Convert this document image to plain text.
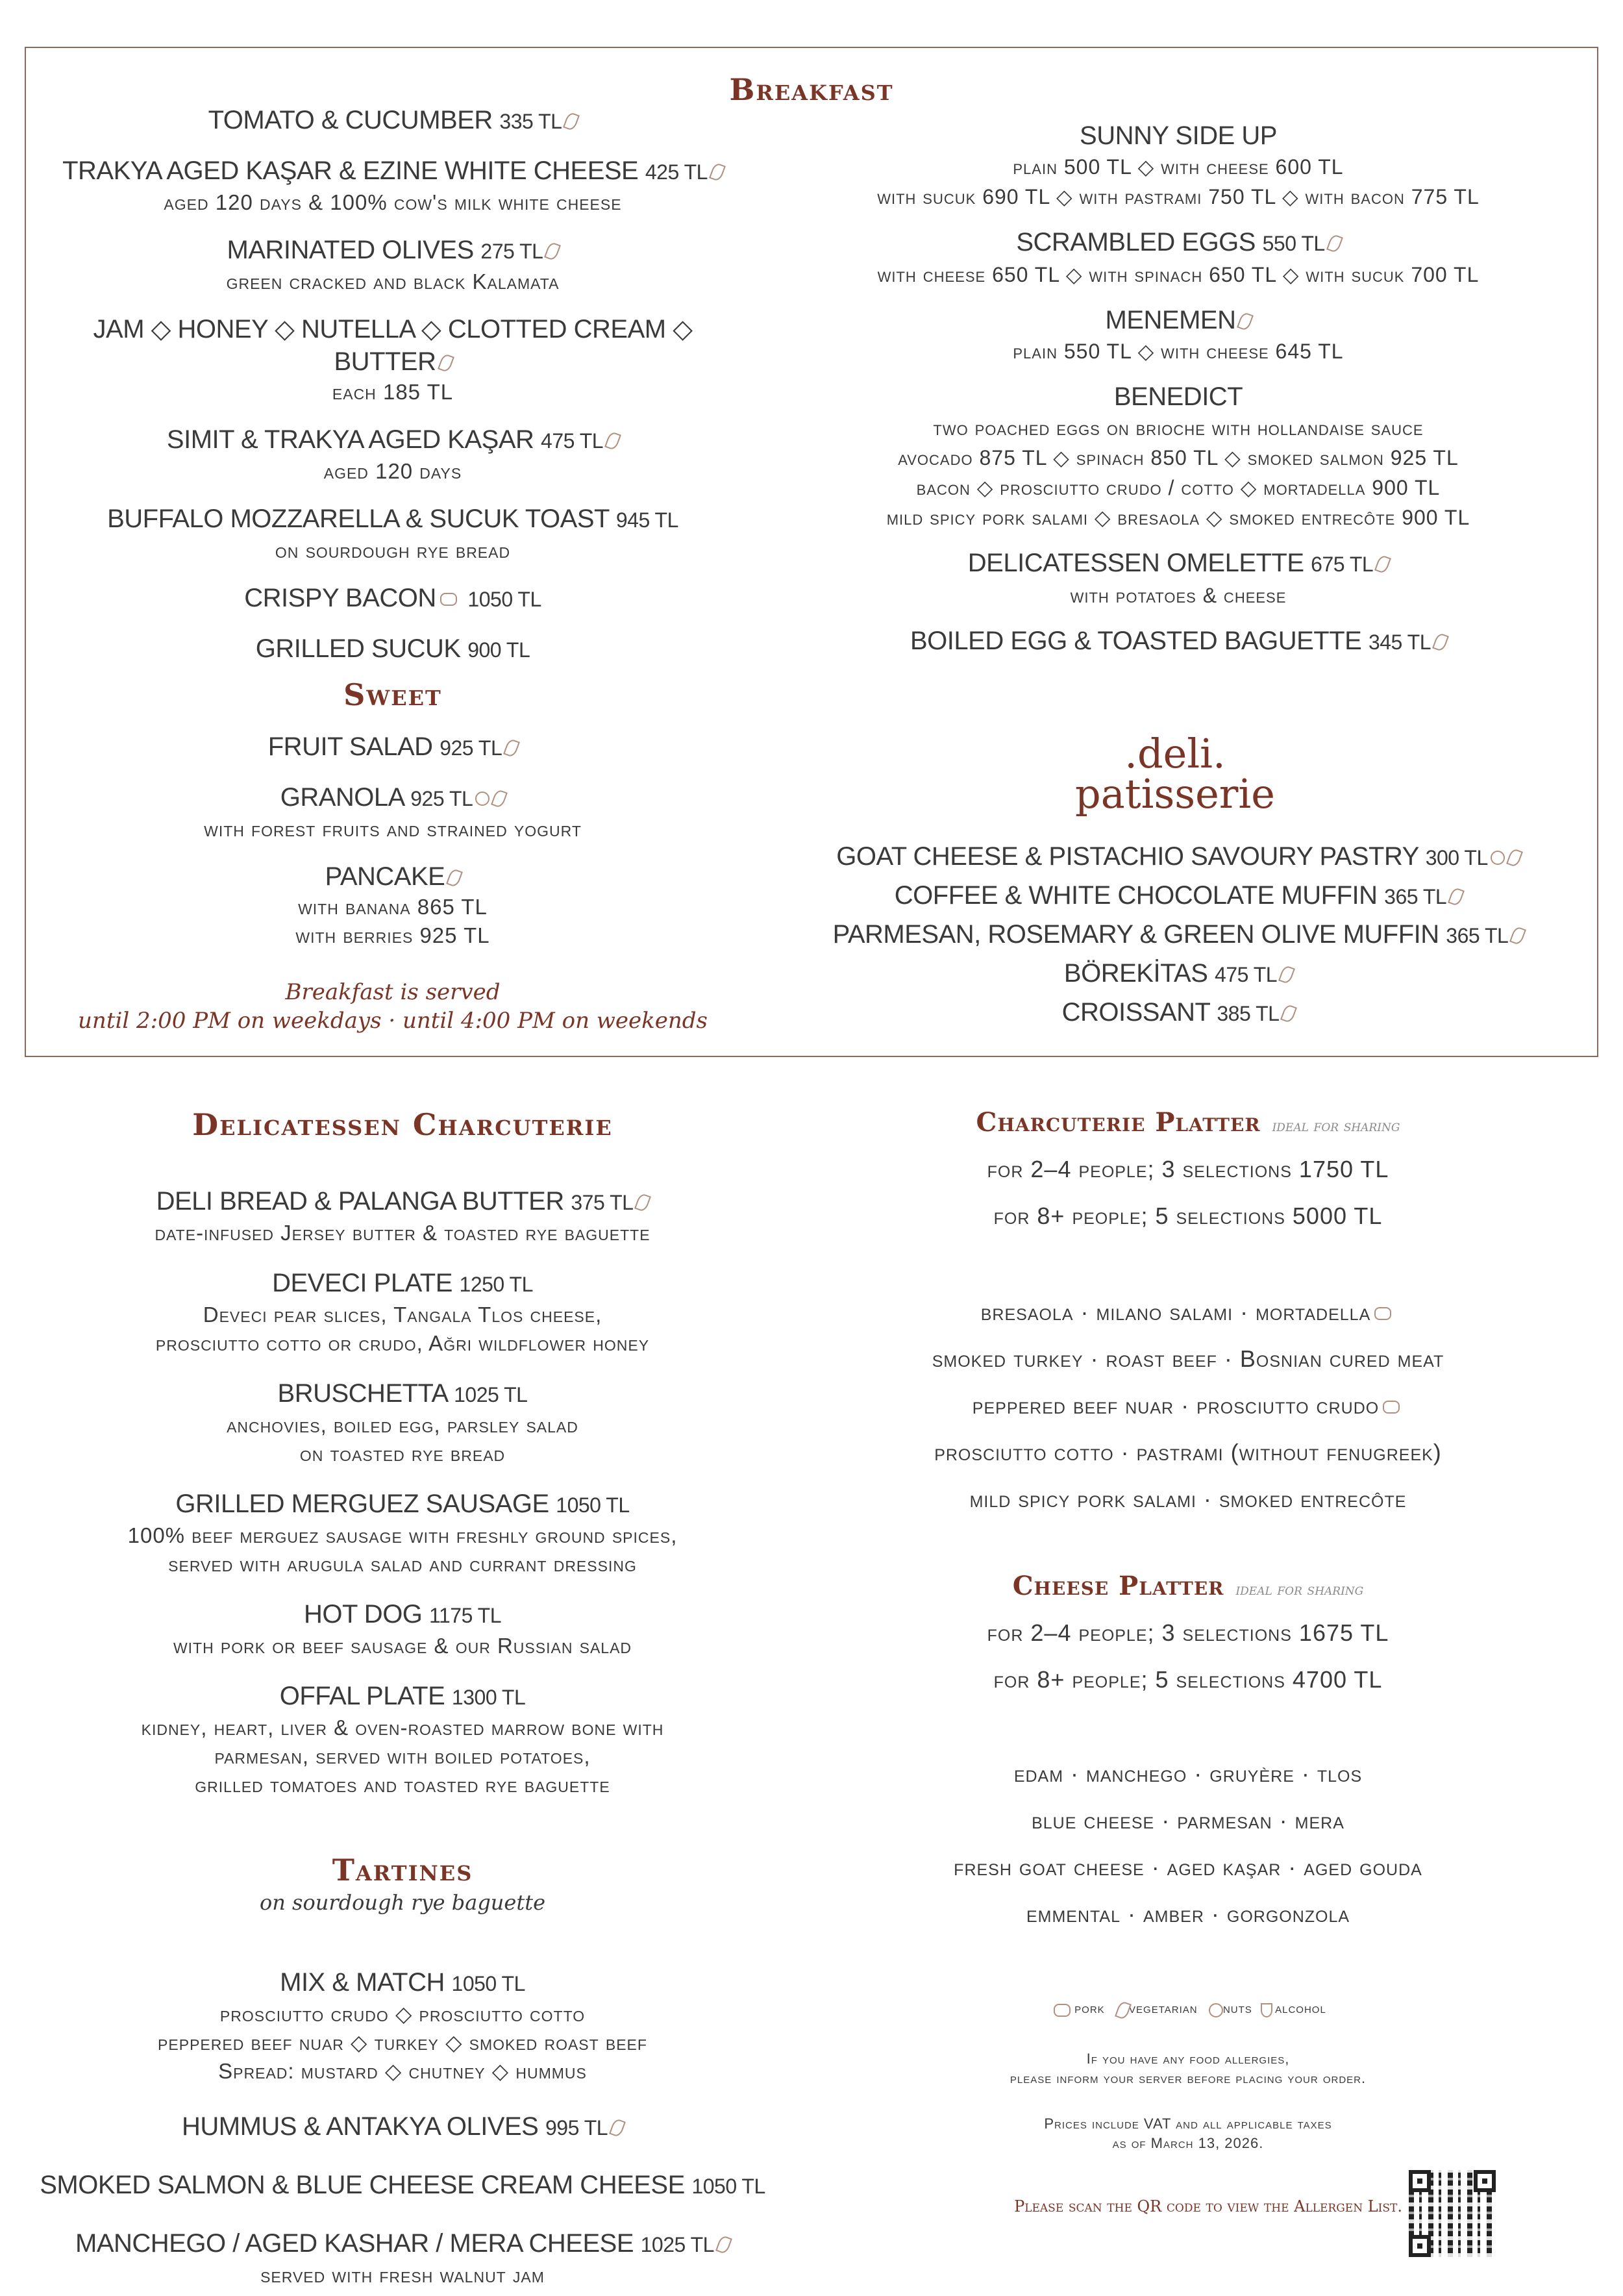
Breakfast
TOMATO & CUCUMBER 335 TL
TRAKYA AGED KAŞAR & EZINE WHITE CHEESE 425 TL
aged 120 days & 100% cow's milk white cheese
MARINATED OLIVES 275 TL
green cracked and black Kalamata
JAM ◇ HONEY ◇ NUTELLA ◇ CLOTTED CREAM ◇ BUTTER
each 185 TL
SIMIT & TRAKYA AGED KAŞAR 475 TL
aged 120 days
BUFFALO MOZZARELLA & SUCUK TOAST 945 TL
on sourdough rye bread
CRISPY BACON 1050 TL
GRILLED SUCUK 900 TL
Sweet
FRUIT SALAD 925 TL
GRANOLA 925 TL
with forest fruits and strained yogurt
PANCAKE
with banana 865 TL
with berries 925 TL
Breakfast is served
until 2:00 PM on weekdays · until 4:00 PM on weekends
SUNNY SIDE UP
plain 500 TL ◇ with cheese 600 TL
with sucuk 690 TL ◇ with pastrami 750 TL ◇ with bacon 775 TL
SCRAMBLED EGGS 550 TL
with cheese 650 TL ◇ with spinach 650 TL ◇ with sucuk 700 TL
MENEMEN
plain 550 TL ◇ with cheese 645 TL
BENEDICT
two poached eggs on brioche with hollandaise sauce
avocado 875 TL ◇ spinach 850 TL ◇ smoked salmon 925 TL
bacon ◇ prosciutto crudo / cotto ◇ mortadella 900 TL
mild spicy pork salami ◇ bresaola ◇ smoked entrecôte 900 TL
DELICATESSEN OMELETTE 675 TL
with potatoes & cheese
BOILED EGG & TOASTED BAGUETTE 345 TL
.deli.
patisserie
GOAT CHEESE & PISTACHIO SAVOURY PASTRY 300 TL
COFFEE & WHITE CHOCOLATE MUFFIN 365 TL
PARMESAN, ROSEMARY & GREEN OLIVE MUFFIN 365 TL
BÖREKİTAS 475 TL
CROISSANT 385 TL
Delicatessen Charcuterie
DELI BREAD & PALANGA BUTTER 375 TL
date-infused Jersey butter & toasted rye baguette
DEVECI PLATE 1250 TL
Deveci pear slices, Tangala Tlos cheese,
prosciutto cotto or crudo, Ağri wildflower honey
BRUSCHETTA 1025 TL
anchovies, boiled egg, parsley salad
on toasted rye bread
GRILLED MERGUEZ SAUSAGE 1050 TL
100% beef merguez sausage with freshly ground spices,
served with arugula salad and currant dressing
HOT DOG 1175 TL
with pork or beef sausage & our Russian salad
OFFAL PLATE 1300 TL
kidney, heart, liver & oven-roasted marrow bone with
parmesan, served with boiled potatoes,
grilled tomatoes and toasted rye baguette
Tartines
on sourdough rye baguette
MIX & MATCH 1050 TL
prosciutto crudo ◇ prosciutto cotto
peppered beef nuar ◇ turkey ◇ smoked roast beef
Spread: mustard ◇ chutney ◇ hummus
HUMMUS & ANTAKYA OLIVES 995 TL
SMOKED SALMON & BLUE CHEESE CREAM CHEESE 1050 TL
MANCHEGO / AGED KASHAR / MERA CHEESE 1025 TL
served with fresh walnut jam
Charcuterie Platter ideal for sharing
for 2–4 people; 3 selections 1750 TL
for 8+ people; 5 selections 5000 TL
bresaola · milano salami · mortadella
smoked turkey · roast beef · Bosnian cured meat
peppered beef nuar · prosciutto crudo
prosciutto cotto · pastrami (without fenugreek)
mild spicy pork salami · smoked entrecôte
Cheese Platter ideal for sharing
for 2–4 people; 3 selections 1675 TL
for 8+ people; 5 selections 4700 TL
edam · manchego · gruyère · tlos
blue cheese · parmesan · mera
fresh goat cheese · aged kaşar · aged gouda
emmental · amber · gorgonzola
pork vegetarian nuts alcohol
If you have any food allergies,
please inform your server before placing your order.
Prices include VAT and all applicable taxes
as of March 13, 2026.
Please scan the QR code to view the Allergen List.
